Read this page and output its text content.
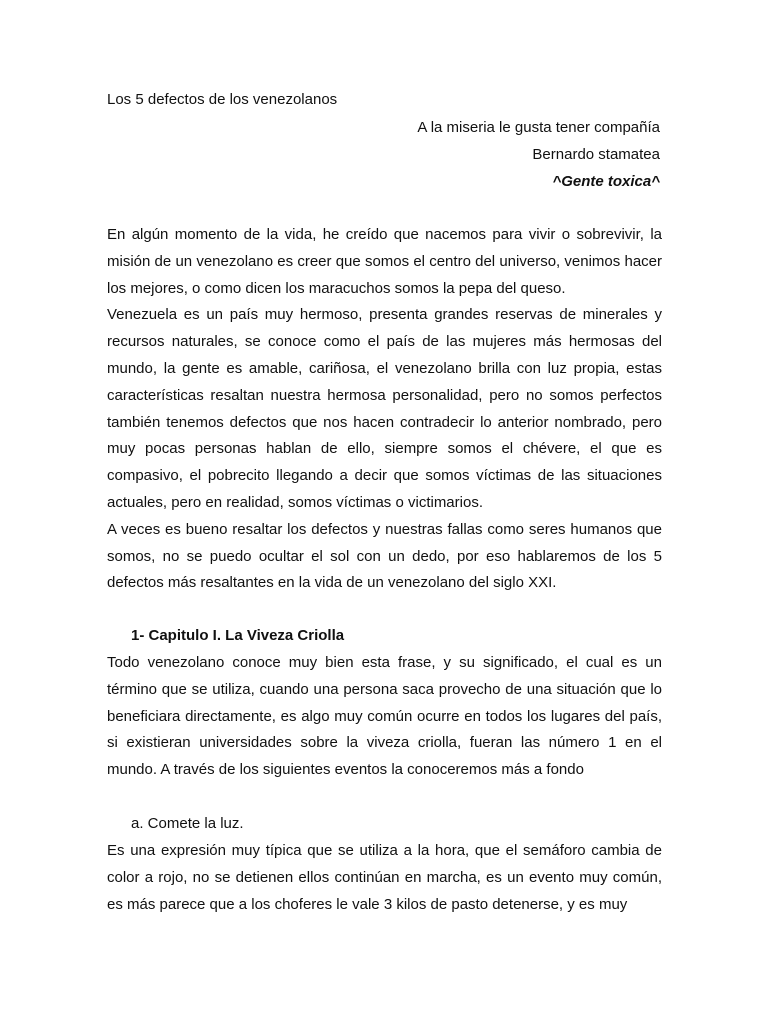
Los 5 defectos de los venezolanos
A la miseria le gusta tener compañía
Bernardo stamatea
^Gente toxica^

En algún momento de la vida, he creído que nacemos para vivir o sobrevivir, la misión de un venezolano es creer que somos el centro del universo, venimos hacer los mejores, o como dicen los maracuchos somos la pepa del queso.

Venezuela es un país muy hermoso, presenta grandes reservas de minerales y recursos naturales, se conoce como el país de las mujeres más hermosas del mundo, la gente es amable, cariñosa, el venezolano brilla con luz propia, estas características resaltan nuestra hermosa personalidad, pero no somos perfectos también tenemos defectos que nos hacen contradecir lo anterior nombrado, pero muy pocas personas hablan de ello, siempre somos el chévere, el que es compasivo, el pobrecito llegando a decir que somos víctimas de las situaciones actuales, pero en realidad, somos víctimas o victimarios.

A veces es bueno resaltar los defectos y nuestras fallas como seres humanos que somos, no se puedo ocultar el sol con un dedo, por eso hablaremos de los 5 defectos más resaltantes en la vida de un venezolano del siglo XXI.

1- Capitulo I. La Viveza Criolla

Todo venezolano conoce muy bien esta frase, y su significado, el cual es un término que se utiliza, cuando una persona saca provecho de una situación que lo beneficiara directamente, es algo muy común ocurre en todos los lugares del país, si existieran universidades sobre la viveza criolla, fueran las número 1 en el mundo. A través de los siguientes eventos la conoceremos más a fondo

a. Comete la luz.

Es una expresión muy típica que se utiliza a la hora, que el semáforo cambia de color a rojo, no se detienen ellos continúan en marcha, es un evento muy común, es más parece que a los choferes le vale 3 kilos de pasto detenerse, y es muy
